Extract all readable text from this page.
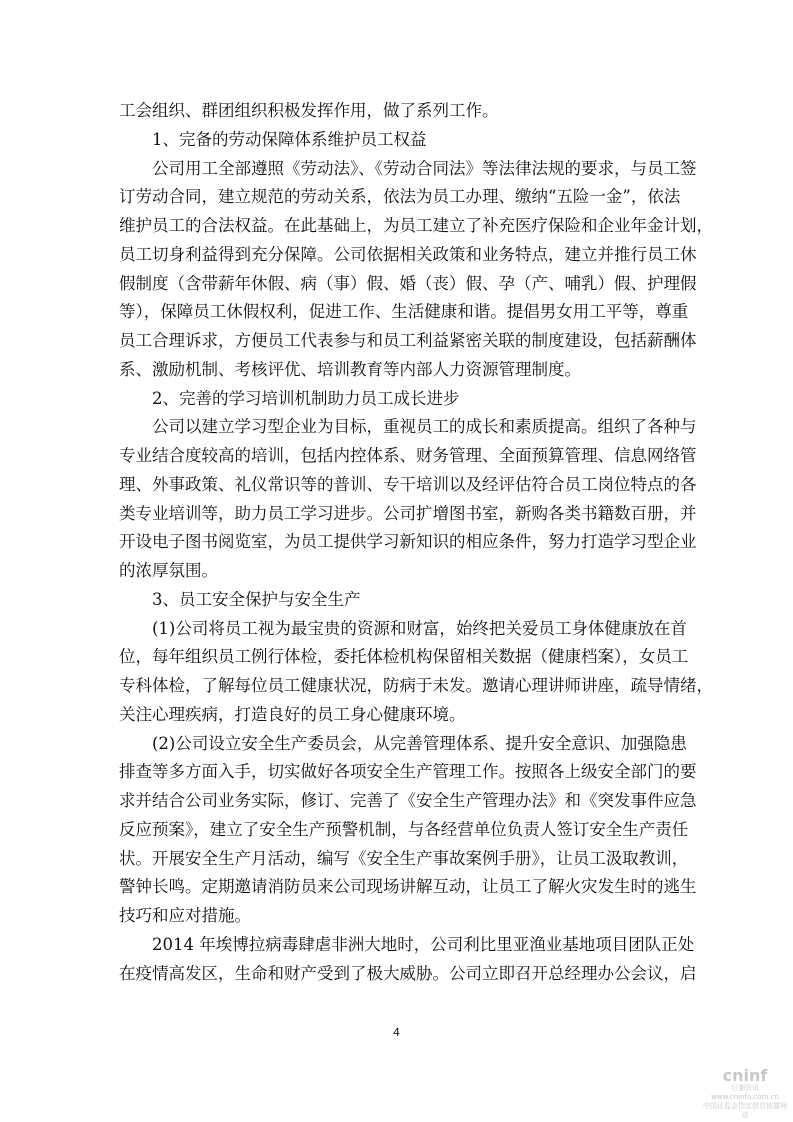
工会组织、群团组织积极发挥作用，做了系列工作。
1、完备的劳动保障体系维护员工权益
公司用工全部遵照《劳动法》、《劳动合同法》等法律法规的要求，与员工签
订劳动合同，建立规范的劳动关系，依法为员工办理、缴纳“五险一金”，依法
维护员工的合法权益。在此基础上，为员工建立了补充医疗保险和企业年金计划，
员工切身利益得到充分保障。公司依据相关政策和业务特点，建立并推行员工休
假制度（含带薪年休假、病（事）假、婚（丧）假、孕（产、哺乳）假、护理假
等），保障员工休假权利，促进工作、生活健康和谐。提倡男女用工平等，尊重
员工合理诉求，方便员工代表参与和员工利益紧密关联的制度建设，包括薪酬体
系、激励机制、考核评优、培训教育等内部人力资源管理制度。
2、完善的学习培训机制助力员工成长进步
公司以建立学习型企业为目标，重视员工的成长和素质提高。组织了各种与
专业结合度较高的培训，包括内控体系、财务管理、全面预算管理、信息网络管
理、外事政策、礼仪常识等的普训、专干培训以及经评估符合员工岗位特点的各
类专业培训等，助力员工学习进步。公司扩增图书室，新购各类书籍数百册，并
开设电子图书阅览室，为员工提供学习新知识的相应条件，努力打造学习型企业
的浓厚氛围。
3、员工安全保护与安全生产
(1)公司将员工视为最宝贵的资源和财富，始终把关爱员工身体健康放在首
位，每年组织员工例行体检，委托体检机构保留相关数据（健康档案），女员工
专科体检，了解每位员工健康状况，防病于未发。邀请心理讲师讲座，疏导情绪，
关注心理疾病，打造良好的员工身心健康环境。
(2)公司设立安全生产委员会，从完善管理体系、提升安全意识、加强隐患
排查等多方面入手，切实做好各项安全生产管理工作。按照各上级安全部门的要
求并结合公司业务实际，修订、完善了《安全生产管理办法》和《突发事件应急
反应预案》，建立了安全生产预警机制，与各经营单位负责人签订安全生产责任
状。开展安全生产月活动，编写《安全生产事故案例手册》，让员工汲取教训，
警钟长鸣。定期邀请消防员来公司现场讲解互动，让员工了解火灾发生时的逃生
技巧和应对措施。
2014 年埃博拉病毒肆虐非洲大地时，公司利比里亚渔业基地项目团队正处
在疫情高发区，生命和财产受到了极大威胁。公司立即召开总经理办公会议，启
4
cninf
巨潮资讯
www.cninfo.com.cn
中国证监会指定信息披露网站
